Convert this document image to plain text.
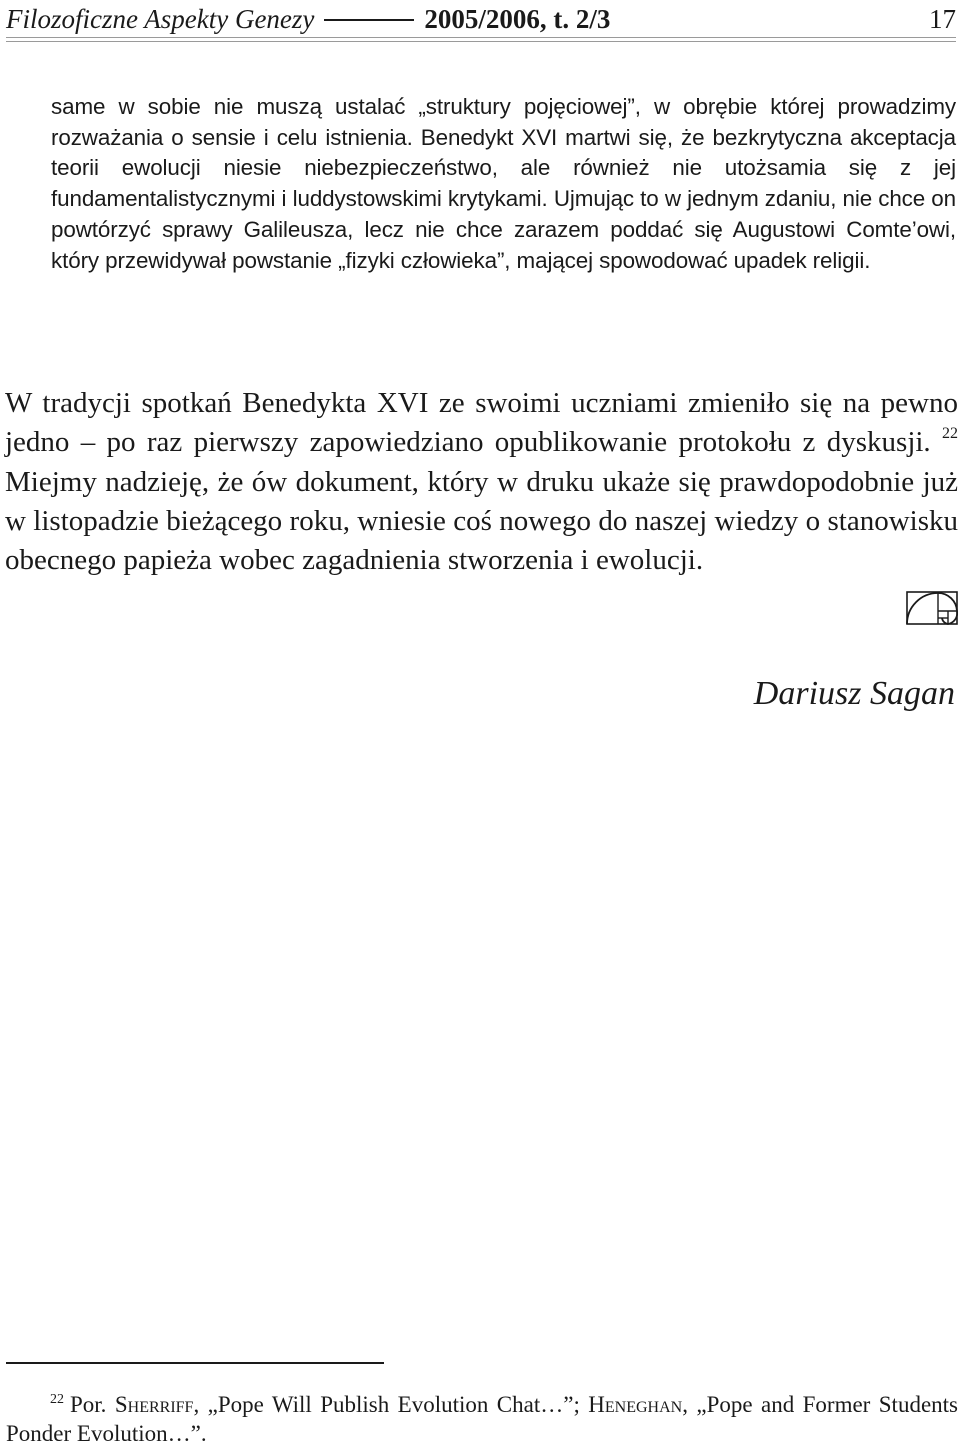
Filozoficzne Aspekty Genezy	2005/2006, t. 2/3	17

same w sobie nie muszą ustalać „struktury pojęciowej”, w obrębie której prowadzimy rozważania o sensie i celu istnienia. Benedykt XVI martwi się, że bezkrytyczna akceptacja teorii ewolucji niesie niebezpieczeństwo, ale również nie utożsamia się z jej fundamentalistycznymi i luddystowskimi krytykami. Ujmując to w jednym zdaniu, nie chce on powtórzyć sprawy Galileusza, lecz nie chce zarazem poddać się Augustowi Comte’owi, który przewidywał powstanie „fizyki człowieka”, mającej spowodować upadek religii.

W tradycji spotkań Benedykta XVI ze swoimi uczniami zmieniło się na pewno jedno – po raz pierwszy zapowiedziano opublikowanie protokołu z dyskusji. $^{22}$ Miejmy nadzieję, że ów dokument, który w druku ukaże się prawdopodobnie już w listopadzie bieżącego roku, wniesie coś nowego do naszej wiedzy o stanowisku obecnego papieża wobec zagadnienia stworzenia i ewolucji.

Dariusz Sagan

$^{22}$ Por. Sherriff, „Pope Will Publish Evolution Chat…”; Heneghan, „Pope and Former Students Ponder Evolution…”.
